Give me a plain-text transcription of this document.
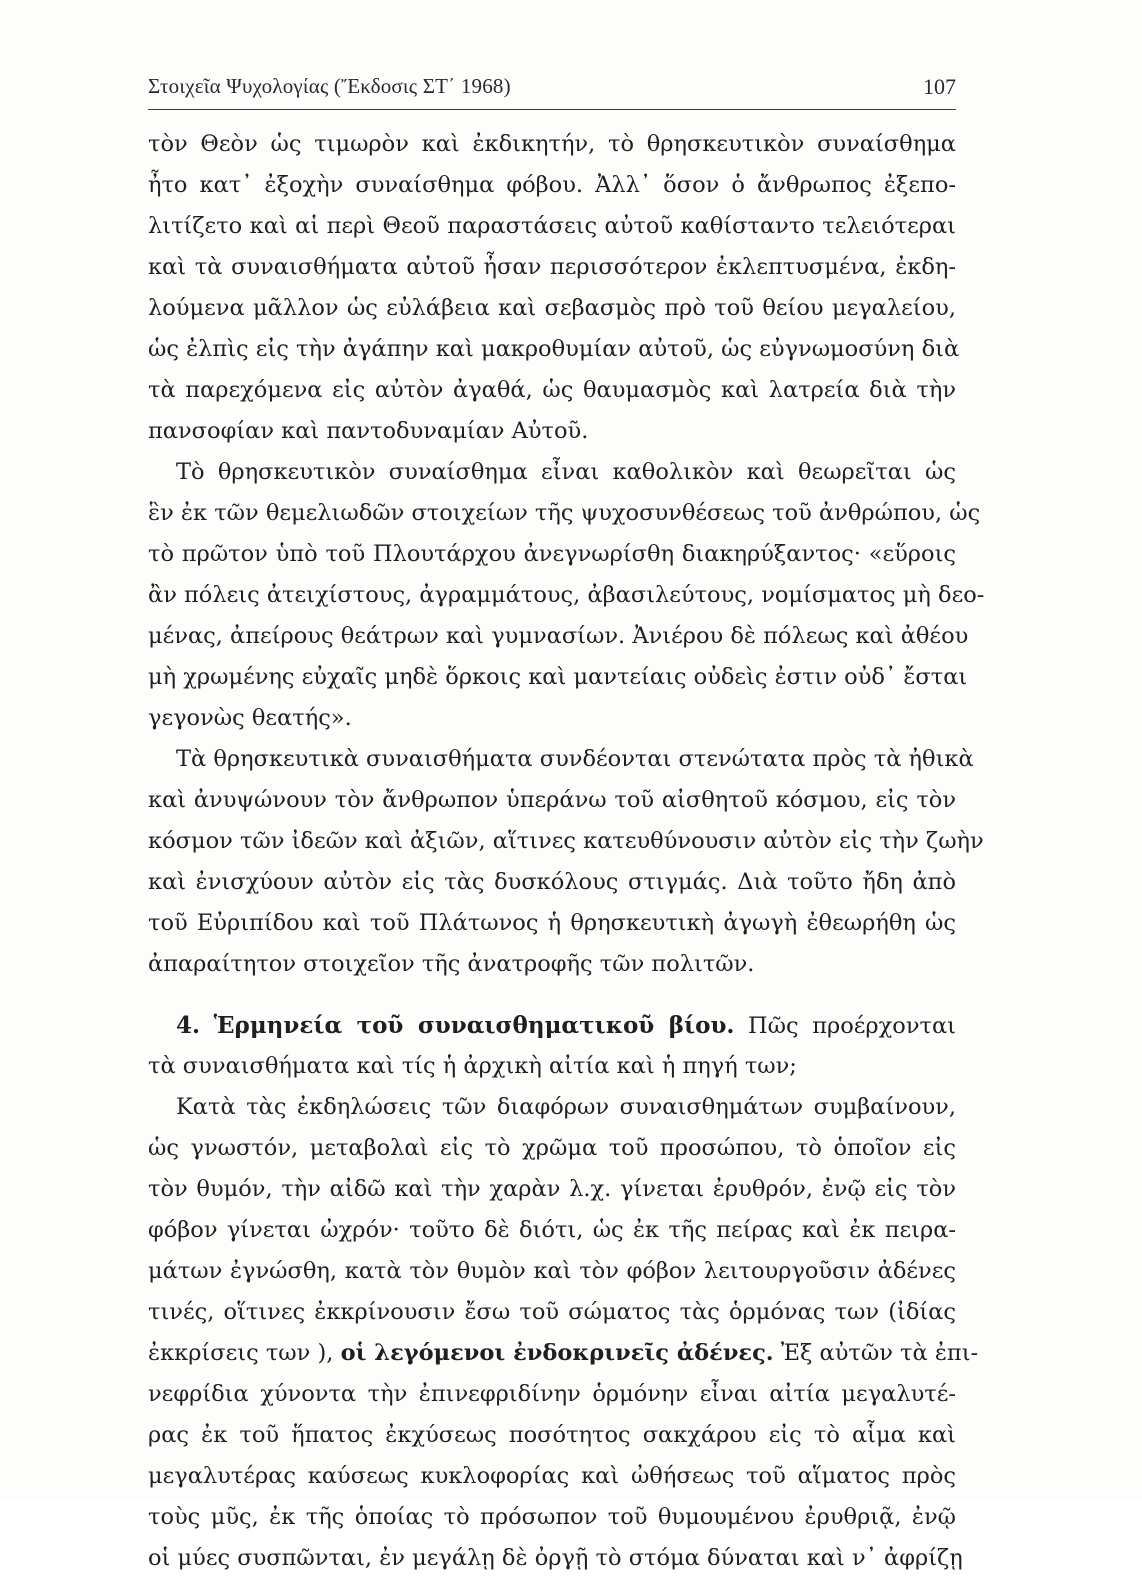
Στοιχεῖα Ψυχολογίας (Ἔκδοσις ΣΤ΄ 1968)	107
τὸν Θεὸν ὡς τιμωρὸν καὶ ἐκδικητήν, τὸ θρησκευτικὸν συναίσθημα
ἦτο κατ᾿ ἐξοχὴν συναίσθημα φόβου. Ἀλλ᾿ ὅσον ὁ ἄνθρωπος ἐξεπο-
λιτίζετο καὶ αἱ περὶ Θεοῦ παραστάσεις αὐτοῦ καθίσταντο τελειότεραι
καὶ τὰ συναισθήματα αὐτοῦ ἦσαν περισσότερον ἐκλεπτυσμένα, ἐκδη-
λούμενα μᾶλλον ὡς εὐλάβεια καὶ σεβασμὸς πρὸ τοῦ θείου μεγαλείου,
ὡς ἐλπὶς εἰς τὴν ἀγάπην καὶ μακροθυμίαν αὐτοῦ, ὡς εὐγνωμοσύνη διὰ
τὰ παρεχόμενα εἰς αὐτὸν ἀγαθά, ὡς θαυμασμὸς καὶ λατρεία διὰ τὴν
πανσοφίαν καὶ παντοδυναμίαν Αὐτοῦ.
Τὸ θρησκευτικὸν συναίσθημα εἶναι καθολικὸν καὶ θεωρεῖται ὡς
ἓν ἐκ τῶν θεμελιωδῶν στοιχείων τῆς ψυχοσυνθέσεως τοῦ ἀνθρώπου, ὡς
τὸ πρῶτον ὑπὸ τοῦ Πλουτάρχου ἀνεγνωρίσθη διακηρύξαντος· «εὕροις
ἂν πόλεις ἀτειχίστους, ἀγραμμάτους, ἀβασιλεύτους, νομίσματος μὴ δεο-
μένας, ἀπείρους θεάτρων καὶ γυμνασίων. Ἀνιέρου δὲ πόλεως καὶ ἀθέου
μὴ χρωμένης εὐχαῖς μηδὲ ὅρκοις καὶ μαντείαις οὐδεὶς ἐστιν οὐδ᾿ ἔσται
γεγονὼς θεατής».
Τὰ θρησκευτικὰ συναισθήματα συνδέονται στενώτατα πρὸς τὰ ἠθικὰ
καὶ ἀνυψώνουν τὸν ἄνθρωπον ὑπεράνω τοῦ αἰσθητοῦ κόσμου, εἰς τὸν
κόσμον τῶν ἰδεῶν καὶ ἀξιῶν, αἵτινες κατευθύνουσιν αὐτὸν εἰς τὴν ζωὴν
καὶ ἐνισχύουν αὐτὸν εἰς τὰς δυσκόλους στιγμάς. Διὰ τοῦτο ἤδη ἀπὸ
τοῦ Εὐριπίδου καὶ τοῦ Πλάτωνος ἡ θρησκευτικὴ ἀγωγὴ ἐθεωρήθη ὡς
ἀπαραίτητον στοιχεῖον τῆς ἀνατροφῆς τῶν πολιτῶν.
4. Ἑρμηνεία τοῦ συναισθηματικοῦ βίου. Πῶς προέρχονται
τὰ συναισθήματα καὶ τίς ἡ ἀρχικὴ αἰτία καὶ ἡ πηγή των;
Κατὰ τὰς ἐκδηλώσεις τῶν διαφόρων συναισθημάτων συμβαίνουν,
ὡς γνωστόν, μεταβολαὶ εἰς τὸ χρῶμα τοῦ προσώπου, τὸ ὁποῖον εἰς
τὸν θυμόν, τὴν αἰδῶ καὶ τὴν χαρὰν λ.χ. γίνεται ἐρυθρόν, ἐνῷ εἰς τὸν
φόβον γίνεται ὠχρόν· τοῦτο δὲ διότι, ὡς ἐκ τῆς πείρας καὶ ἐκ πειρα-
μάτων ἐγνώσθη, κατὰ τὸν θυμὸν καὶ τὸν φόβον λειτουργοῦσιν ἀδένες
τινές, οἵτινες ἐκκρίνουσιν ἔσω τοῦ σώματος τὰς ὁρμόνας των (ἰδίας
ἐκκρίσεις των ), οἱ λεγόμενοι ἐνδοκρινεῖς ἀδένες. Ἐξ αὐτῶν τὰ ἐπι-
νεφρίδια χύνοντα τὴν ἐπινεφριδίνην ὁρμόνην εἶναι αἰτία μεγαλυτέ-
ρας ἐκ τοῦ ἥπατος ἐκχύσεως ποσότητος σακχάρου εἰς τὸ αἷμα καὶ
μεγαλυτέρας καύσεως κυκλοφορίας καὶ ὠθήσεως τοῦ αἵματος πρὸς
τοὺς μῦς, ἐκ τῆς ὁποίας τὸ πρόσωπον τοῦ θυμουμένου ἐρυθριᾷ, ἐνῷ
οἱ μύες συσπῶνται, ἐν μεγάλῃ δὲ ὀργῇ τὸ στόμα δύναται καὶ ν᾿ ἀφρίζῃ
